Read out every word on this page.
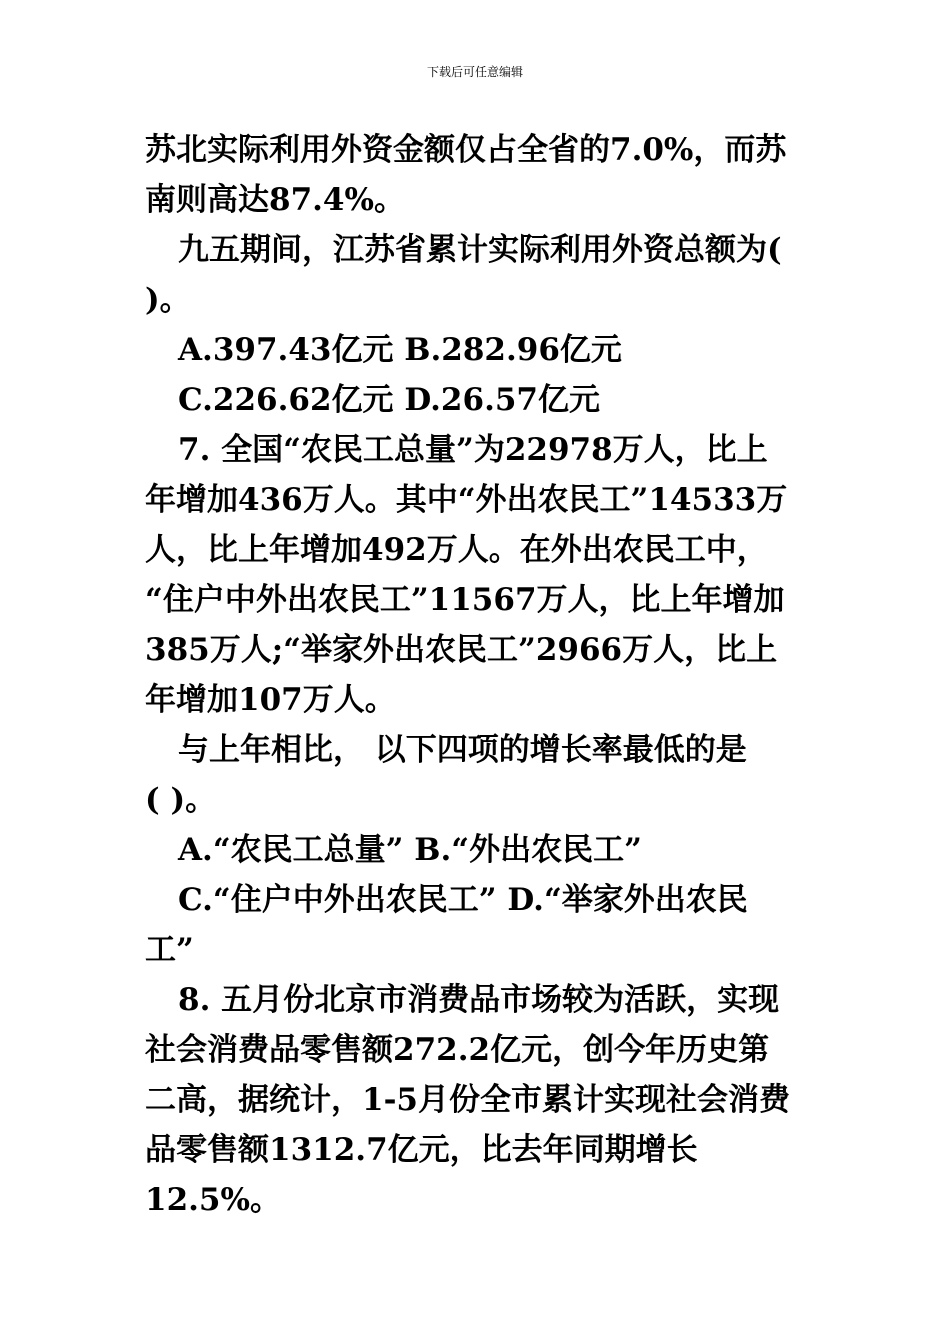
下载后可任意编辑
苏北实际利用外资金额仅占全省的7.0%，而苏
南则高达87.4%。
九五期间，江苏省累计实际利用外资总额为(
)。
A.397.43亿元 B.282.96亿元
C.226.62亿元 D.26.57亿元
7. 全国“农民工总量”为22978万人，比上
年增加436万人。其中“外出农民工”14533万
人，比上年增加492万人。在外出农民工中，
“住户中外出农民工”11567万人，比上年增加
385万人;“举家外出农民工”2966万人，比上
年增加107万人。
与上年相比， 以下四项的增长率最低的是
( )。
A.“农民工总量” B.“外出农民工”
C.“住户中外出农民工” D.“举家外出农民
工”
8. 五月份北京市消费品市场较为活跃，实现
社会消费品零售额272.2亿元，创今年历史第
二高，据统计，1-5月份全市累计实现社会消费
品零售额1312.7亿元，比去年同期增长
12.5%。
